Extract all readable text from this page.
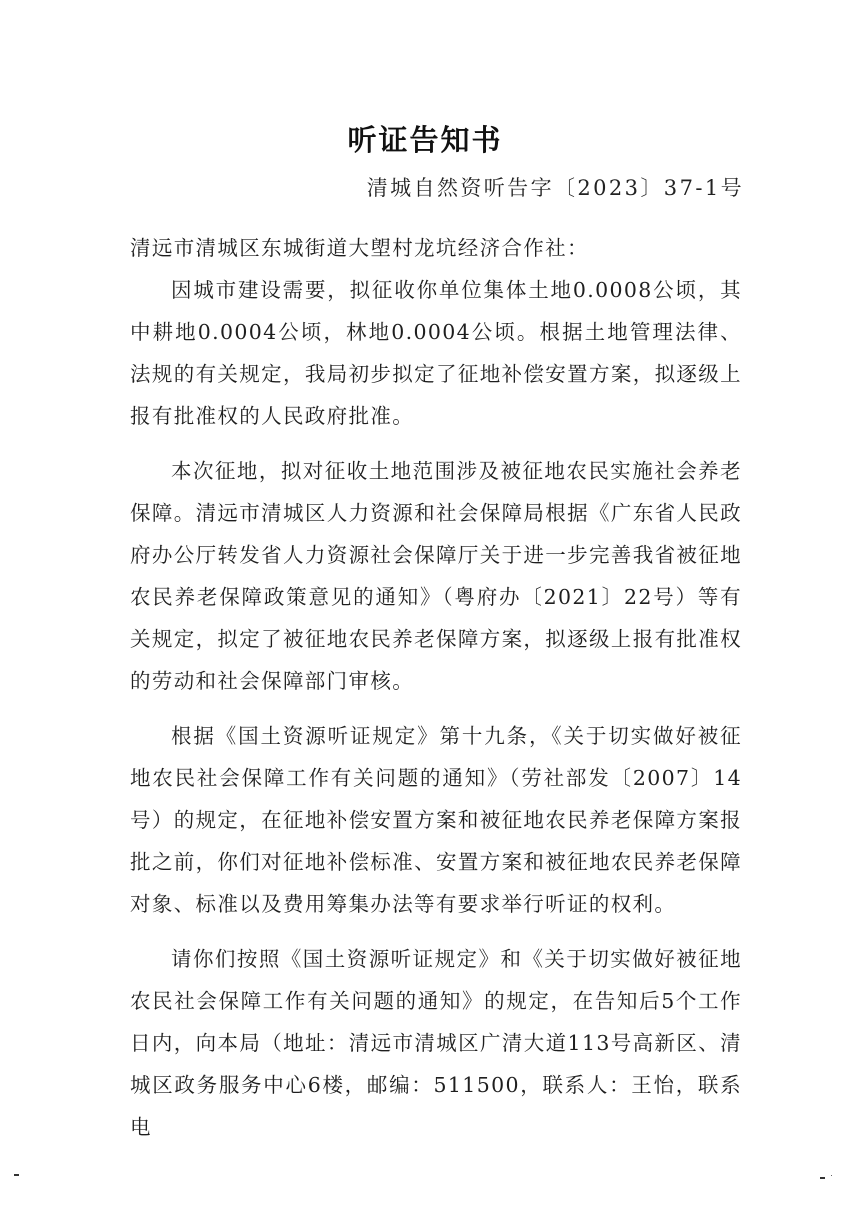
听证告知书
清城自然资听告字〔2023〕37-1号

清远市清城区东城街道大塱村龙坑经济合作社：

因城市建设需要，拟征收你单位集体土地0.0008公顷，其中耕地0.0004公顷，林地0.0004公顷。根据土地管理法律、法规的有关规定，我局初步拟定了征地补偿安置方案，拟逐级上报有批准权的人民政府批准。

本次征地，拟对征收土地范围涉及被征地农民实施社会养老保障。清远市清城区人力资源和社会保障局根据《广东省人民政府办公厅转发省人力资源社会保障厅关于进一步完善我省被征地农民养老保障政策意见的通知》（粤府办〔2021〕22号）等有关规定，拟定了被征地农民养老保障方案，拟逐级上报有批准权的劳动和社会保障部门审核。

根据《国土资源听证规定》第十九条，《关于切实做好被征地农民社会保障工作有关问题的通知》（劳社部发〔2007〕14号）的规定，在征地补偿安置方案和被征地农民养老保障方案报批之前，你们对征地补偿标准、安置方案和被征地农民养老保障对象、标准以及费用筹集办法等有要求举行听证的权利。

请你们按照《国土资源听证规定》和《关于切实做好被征地农民社会保障工作有关问题的通知》的规定，在告知后5个工作日内，向本局（地址：清远市清城区广清大道113号高新区、清城区政务服务中心6楼，邮编：511500，联系人：王怡，联系电
